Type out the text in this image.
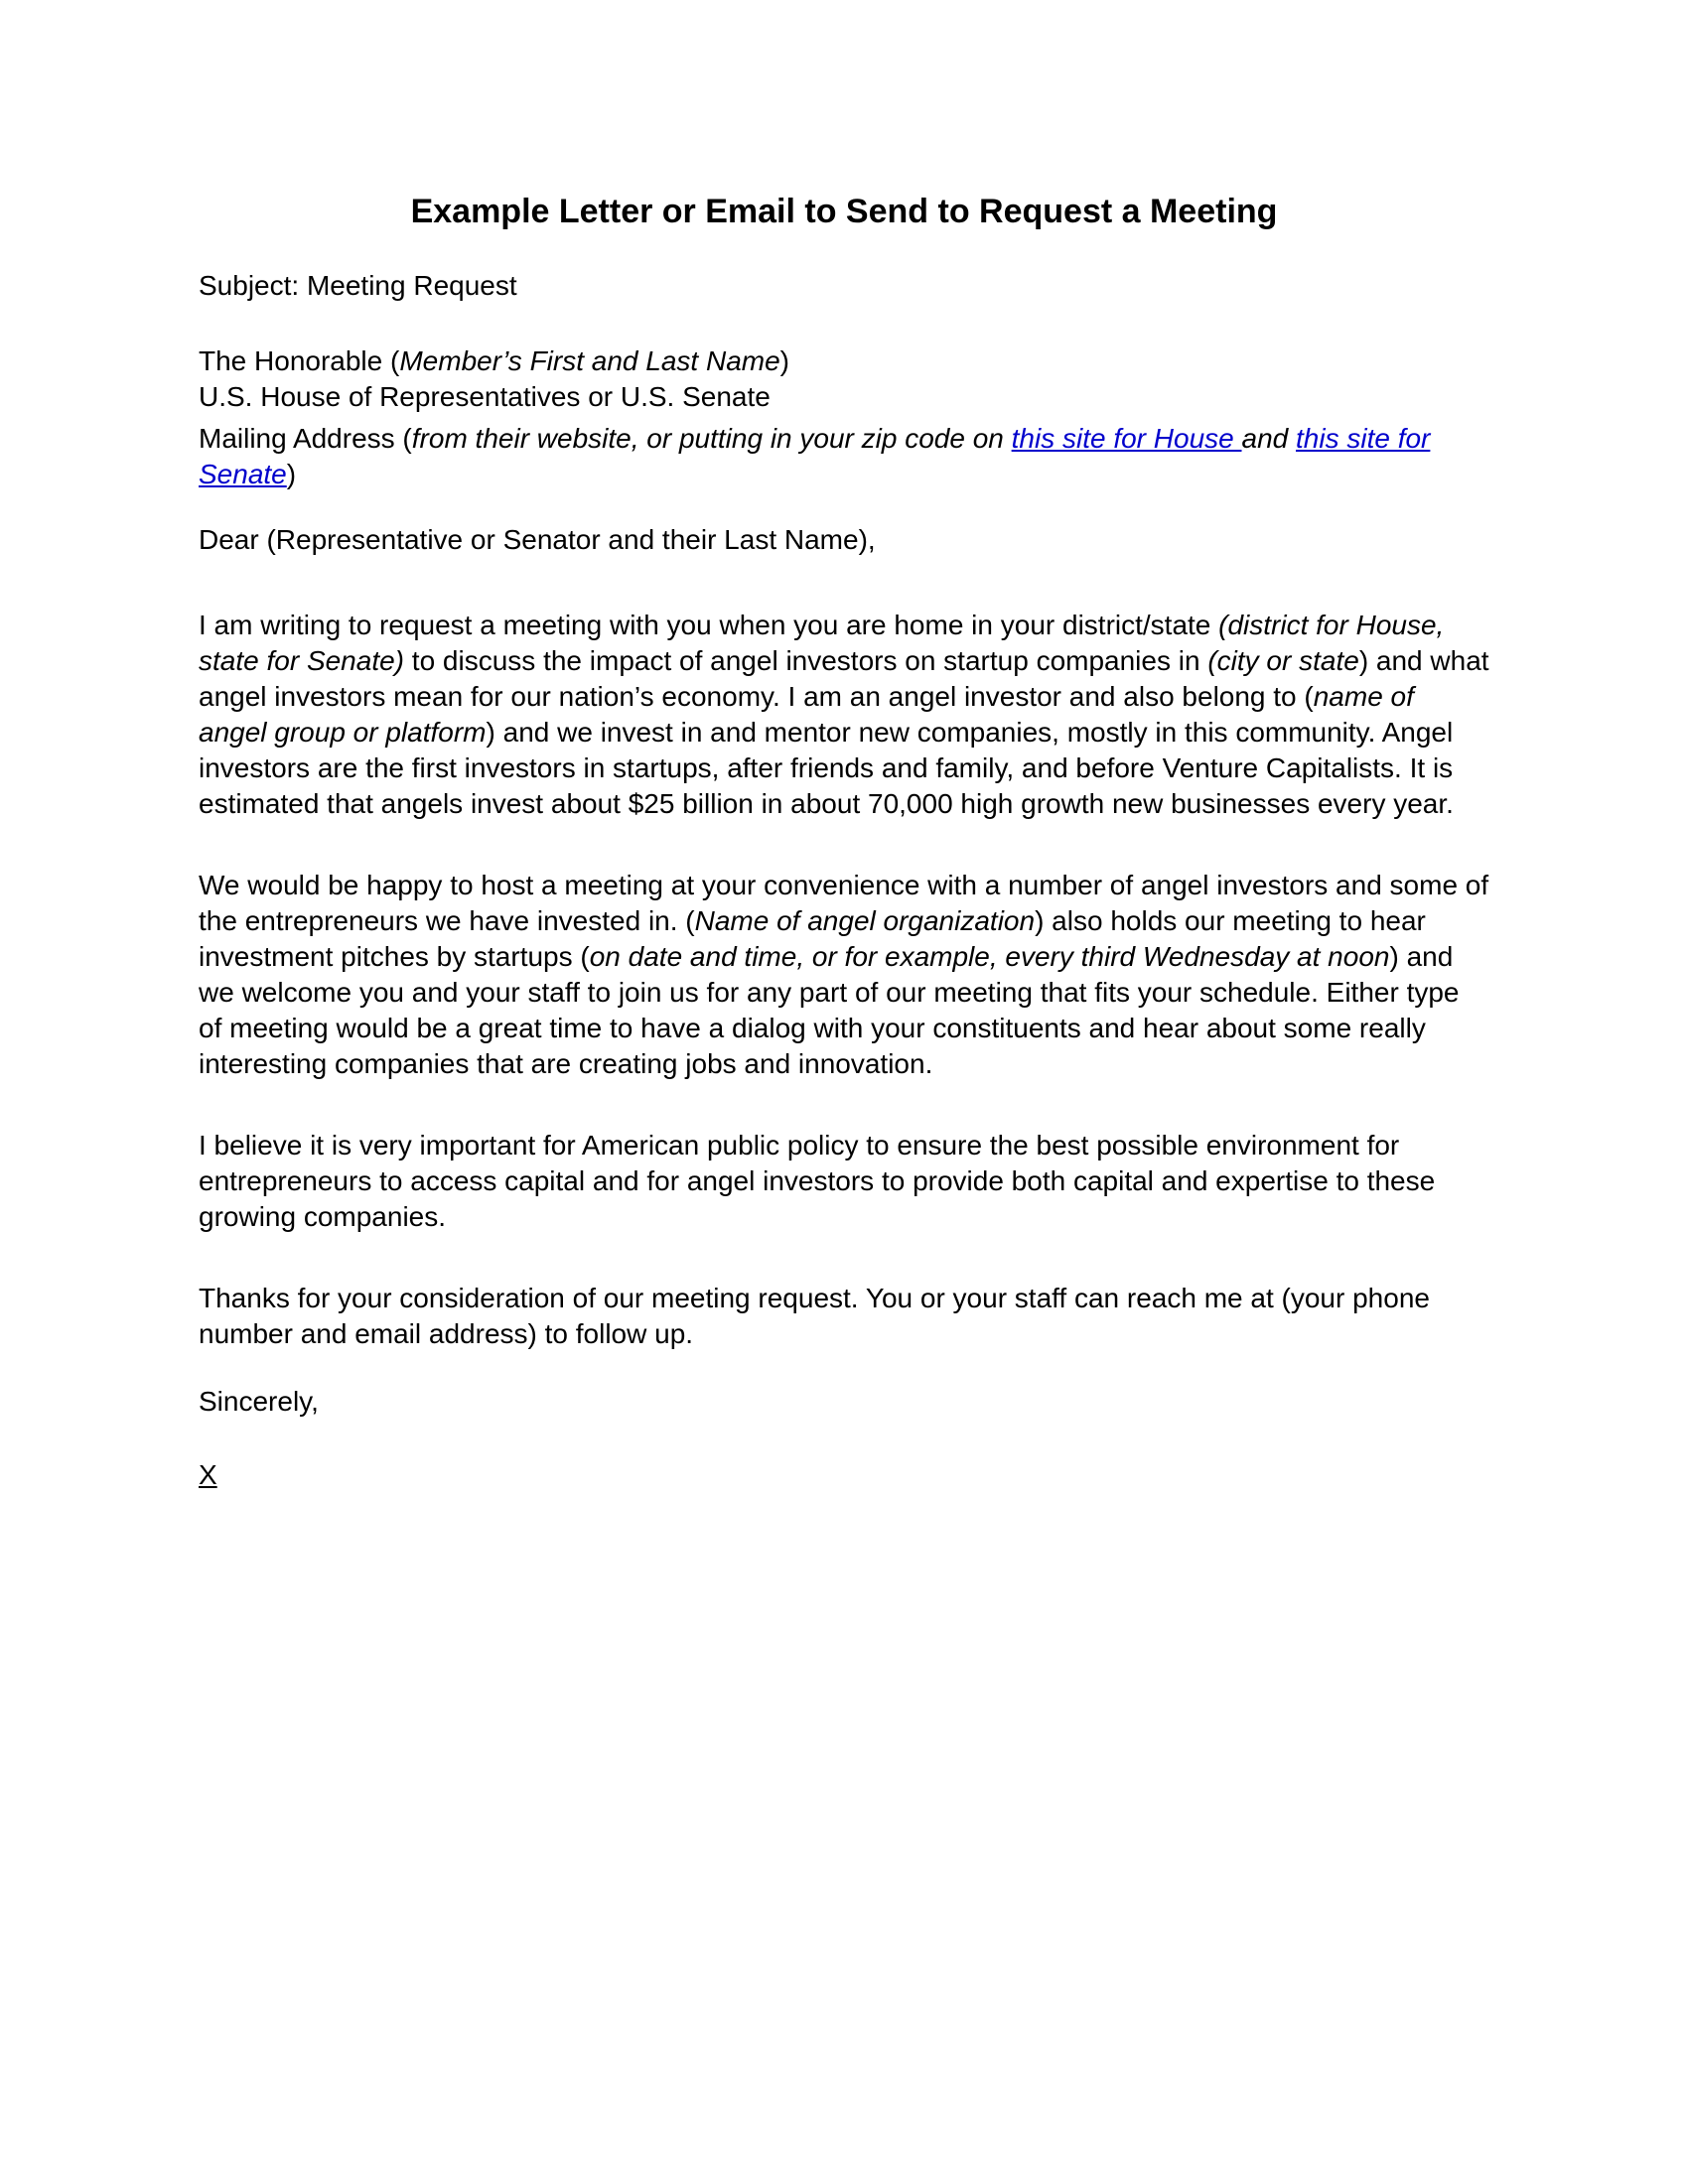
Example Letter or Email to Send to Request a Meeting

Subject: Meeting Request

The Honorable (Member’s First and Last Name)

U.S. House of Representatives or U.S. Senate

Mailing Address (from their website, or putting in your zip code on this site for House and this site for Senate)

Dear (Representative or Senator and their Last Name),

I am writing to request a meeting with you when you are home in your district/state (district for House, state for Senate) to discuss the impact of angel investors on startup companies in (city or state) and what angel investors mean for our nation’s economy. I am an angel investor and also belong to (name of angel group or platform) and we invest in and mentor new companies, mostly in this community. Angel investors are the first investors in startups, after friends and family, and before Venture Capitalists. It is estimated that angels invest about $25 billion in about 70,000 high growth new businesses every year.

We would be happy to host a meeting at your convenience with a number of angel investors and some of the entrepreneurs we have invested in. (Name of angel organization) also holds our meeting to hear investment pitches by startups (on date and time, or for example, every third Wednesday at noon) and we welcome you and your staff to join us for any part of our meeting that fits your schedule. Either type of meeting would be a great time to have a dialog with your constituents and hear about some really interesting companies that are creating jobs and innovation.

I believe it is very important for American public policy to ensure the best possible environment for entrepreneurs to access capital and for angel investors to provide both capital and expertise to these growing companies.

Thanks for your consideration of our meeting request. You or your staff can reach me at (your phone number and email address) to follow up.

Sincerely,

X
